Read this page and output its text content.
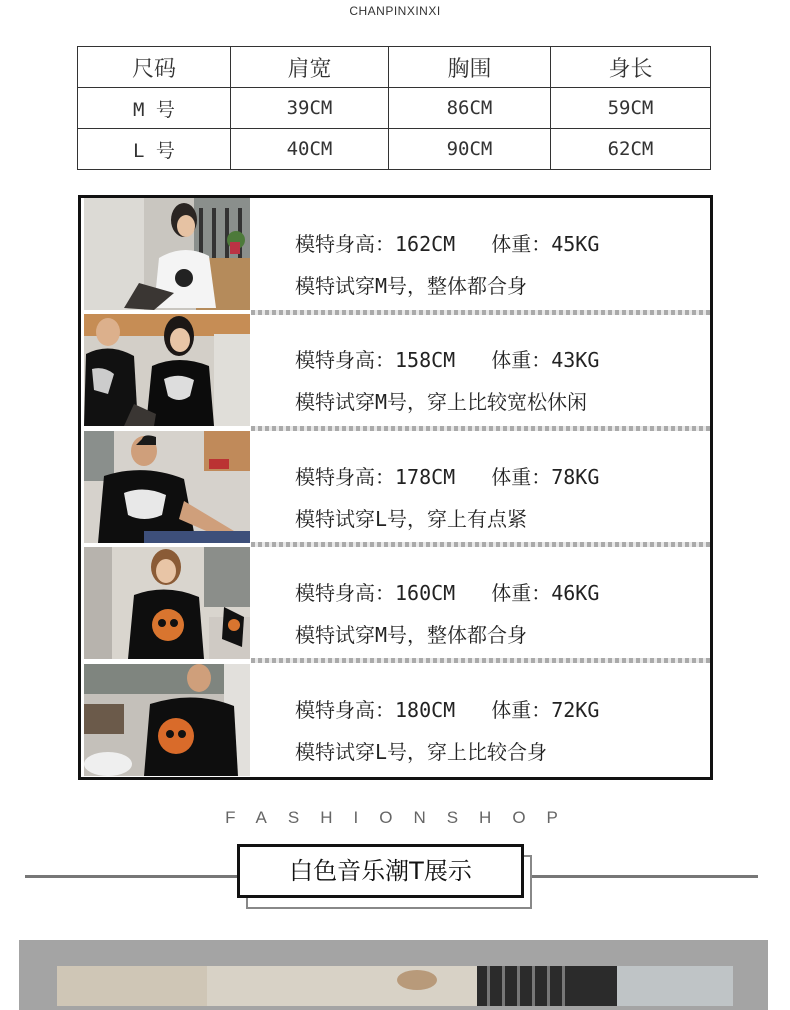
CHANPINXINXI
尺码	肩宽	胸围	身长
M 号	39CM	86CM	59CM
L 号	40CM	90CM	62CM
模特身高：162CM 体重：45KG
模特试穿M号，整体都合身
模特身高：158CM 体重：43KG
模特试穿M号，穿上比较宽松休闲
模特身高：178CM 体重：78KG
模特试穿L号，穿上有点紧
模特身高：160CM 体重：46KG
模特试穿M号，整体都合身
模特身高：180CM 体重：72KG
模特试穿L号，穿上比较合身
FASHIONSHOP
白色音乐潮T展示
